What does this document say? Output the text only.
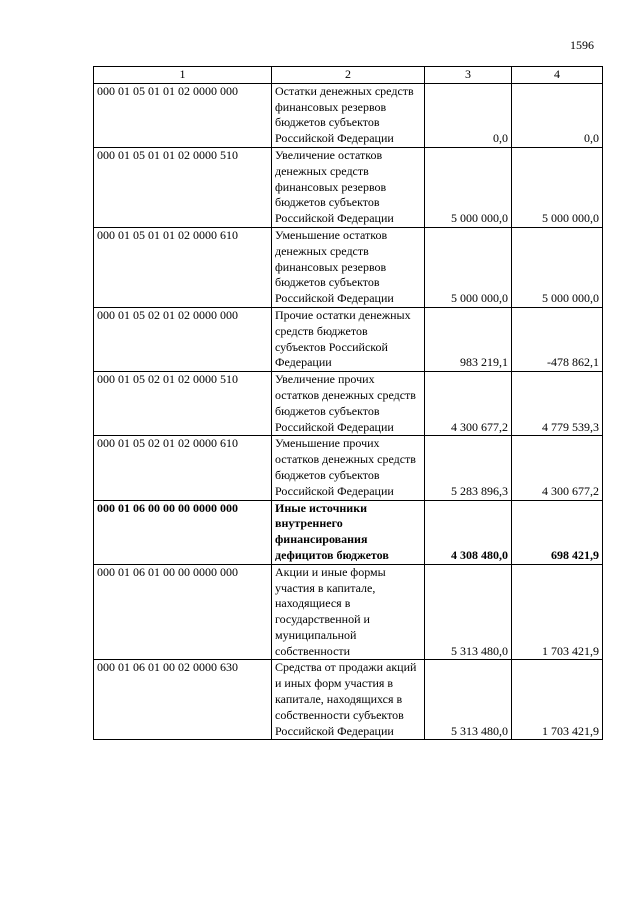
1596
1	2	3	4
000 01 05 01 01 02 0000 000	Остатки денежных средств финансовых резервов бюджетов субъектов Российской Федерации	0,0	0,0
000 01 05 01 01 02 0000 510	Увеличение остатков денежных средств финансовых резервов бюджетов субъектов Российской Федерации	5 000 000,0	5 000 000,0
000 01 05 01 01 02 0000 610	Уменьшение остатков денежных средств финансовых резервов бюджетов субъектов Российской Федерации	5 000 000,0	5 000 000,0
000 01 05 02 01 02 0000 000	Прочие остатки денежных средств бюджетов субъектов Российской Федерации	983 219,1	-478 862,1
000 01 05 02 01 02 0000 510	Увеличение прочих остатков денежных средств бюджетов субъектов Российской Федерации	4 300 677,2	4 779 539,3
000 01 05 02 01 02 0000 610	Уменьшение прочих остатков денежных средств бюджетов субъектов Российской Федерации	5 283 896,3	4 300 677,2
000 01 06 00 00 00 0000 000	Иные источники внутреннего финансирования дефицитов бюджетов	4 308 480,0	698 421,9
000 01 06 01 00 00 0000 000	Акции и иные формы участия в капитале, находящиеся в государственной и муниципальной собственности	5 313 480,0	1 703 421,9
000 01 06 01 00 02 0000 630	Средства от продажи акций и иных форм участия в капитале, находящихся в собственности субъектов Российской Федерации	5 313 480,0	1 703 421,9
